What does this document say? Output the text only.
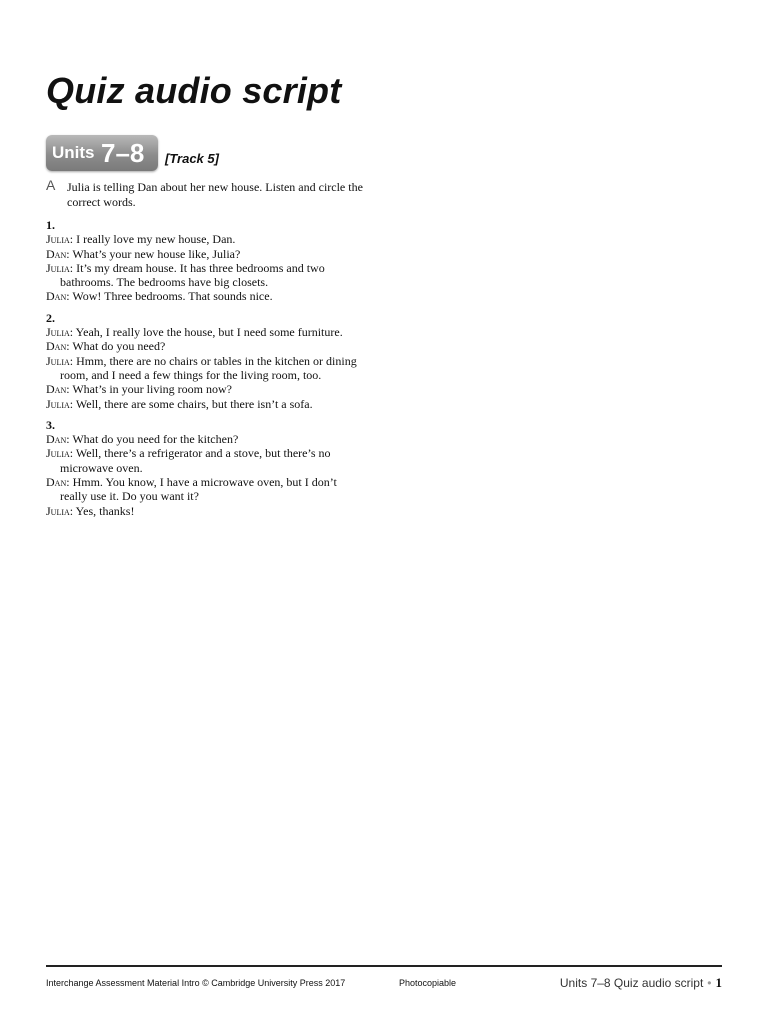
Quiz audio script
Units 7–8 [Track 5]
A Julia is telling Dan about her new house. Listen and circle the correct words.
1.
Julia: I really love my new house, Dan.
Dan: What’s your new house like, Julia?
Julia: It’s my dream house. It has three bedrooms and two bathrooms. The bedrooms have big closets.
Dan: Wow! Three bedrooms. That sounds nice.
2.
Julia: Yeah, I really love the house, but I need some furniture.
Dan: What do you need?
Julia: Hmm, there are no chairs or tables in the kitchen or dining room, and I need a few things for the living room, too.
Dan: What’s in your living room now?
Julia: Well, there are some chairs, but there isn’t a sofa.
3.
Dan: What do you need for the kitchen?
Julia: Well, there’s a refrigerator and a stove, but there’s no microwave oven.
Dan: Hmm. You know, I have a microwave oven, but I don’t really use it. Do you want it?
Julia: Yes, thanks!
Interchange Assessment Material Intro © Cambridge University Press 2017	Photocopiable	Units 7–8 Quiz audio script • 1
